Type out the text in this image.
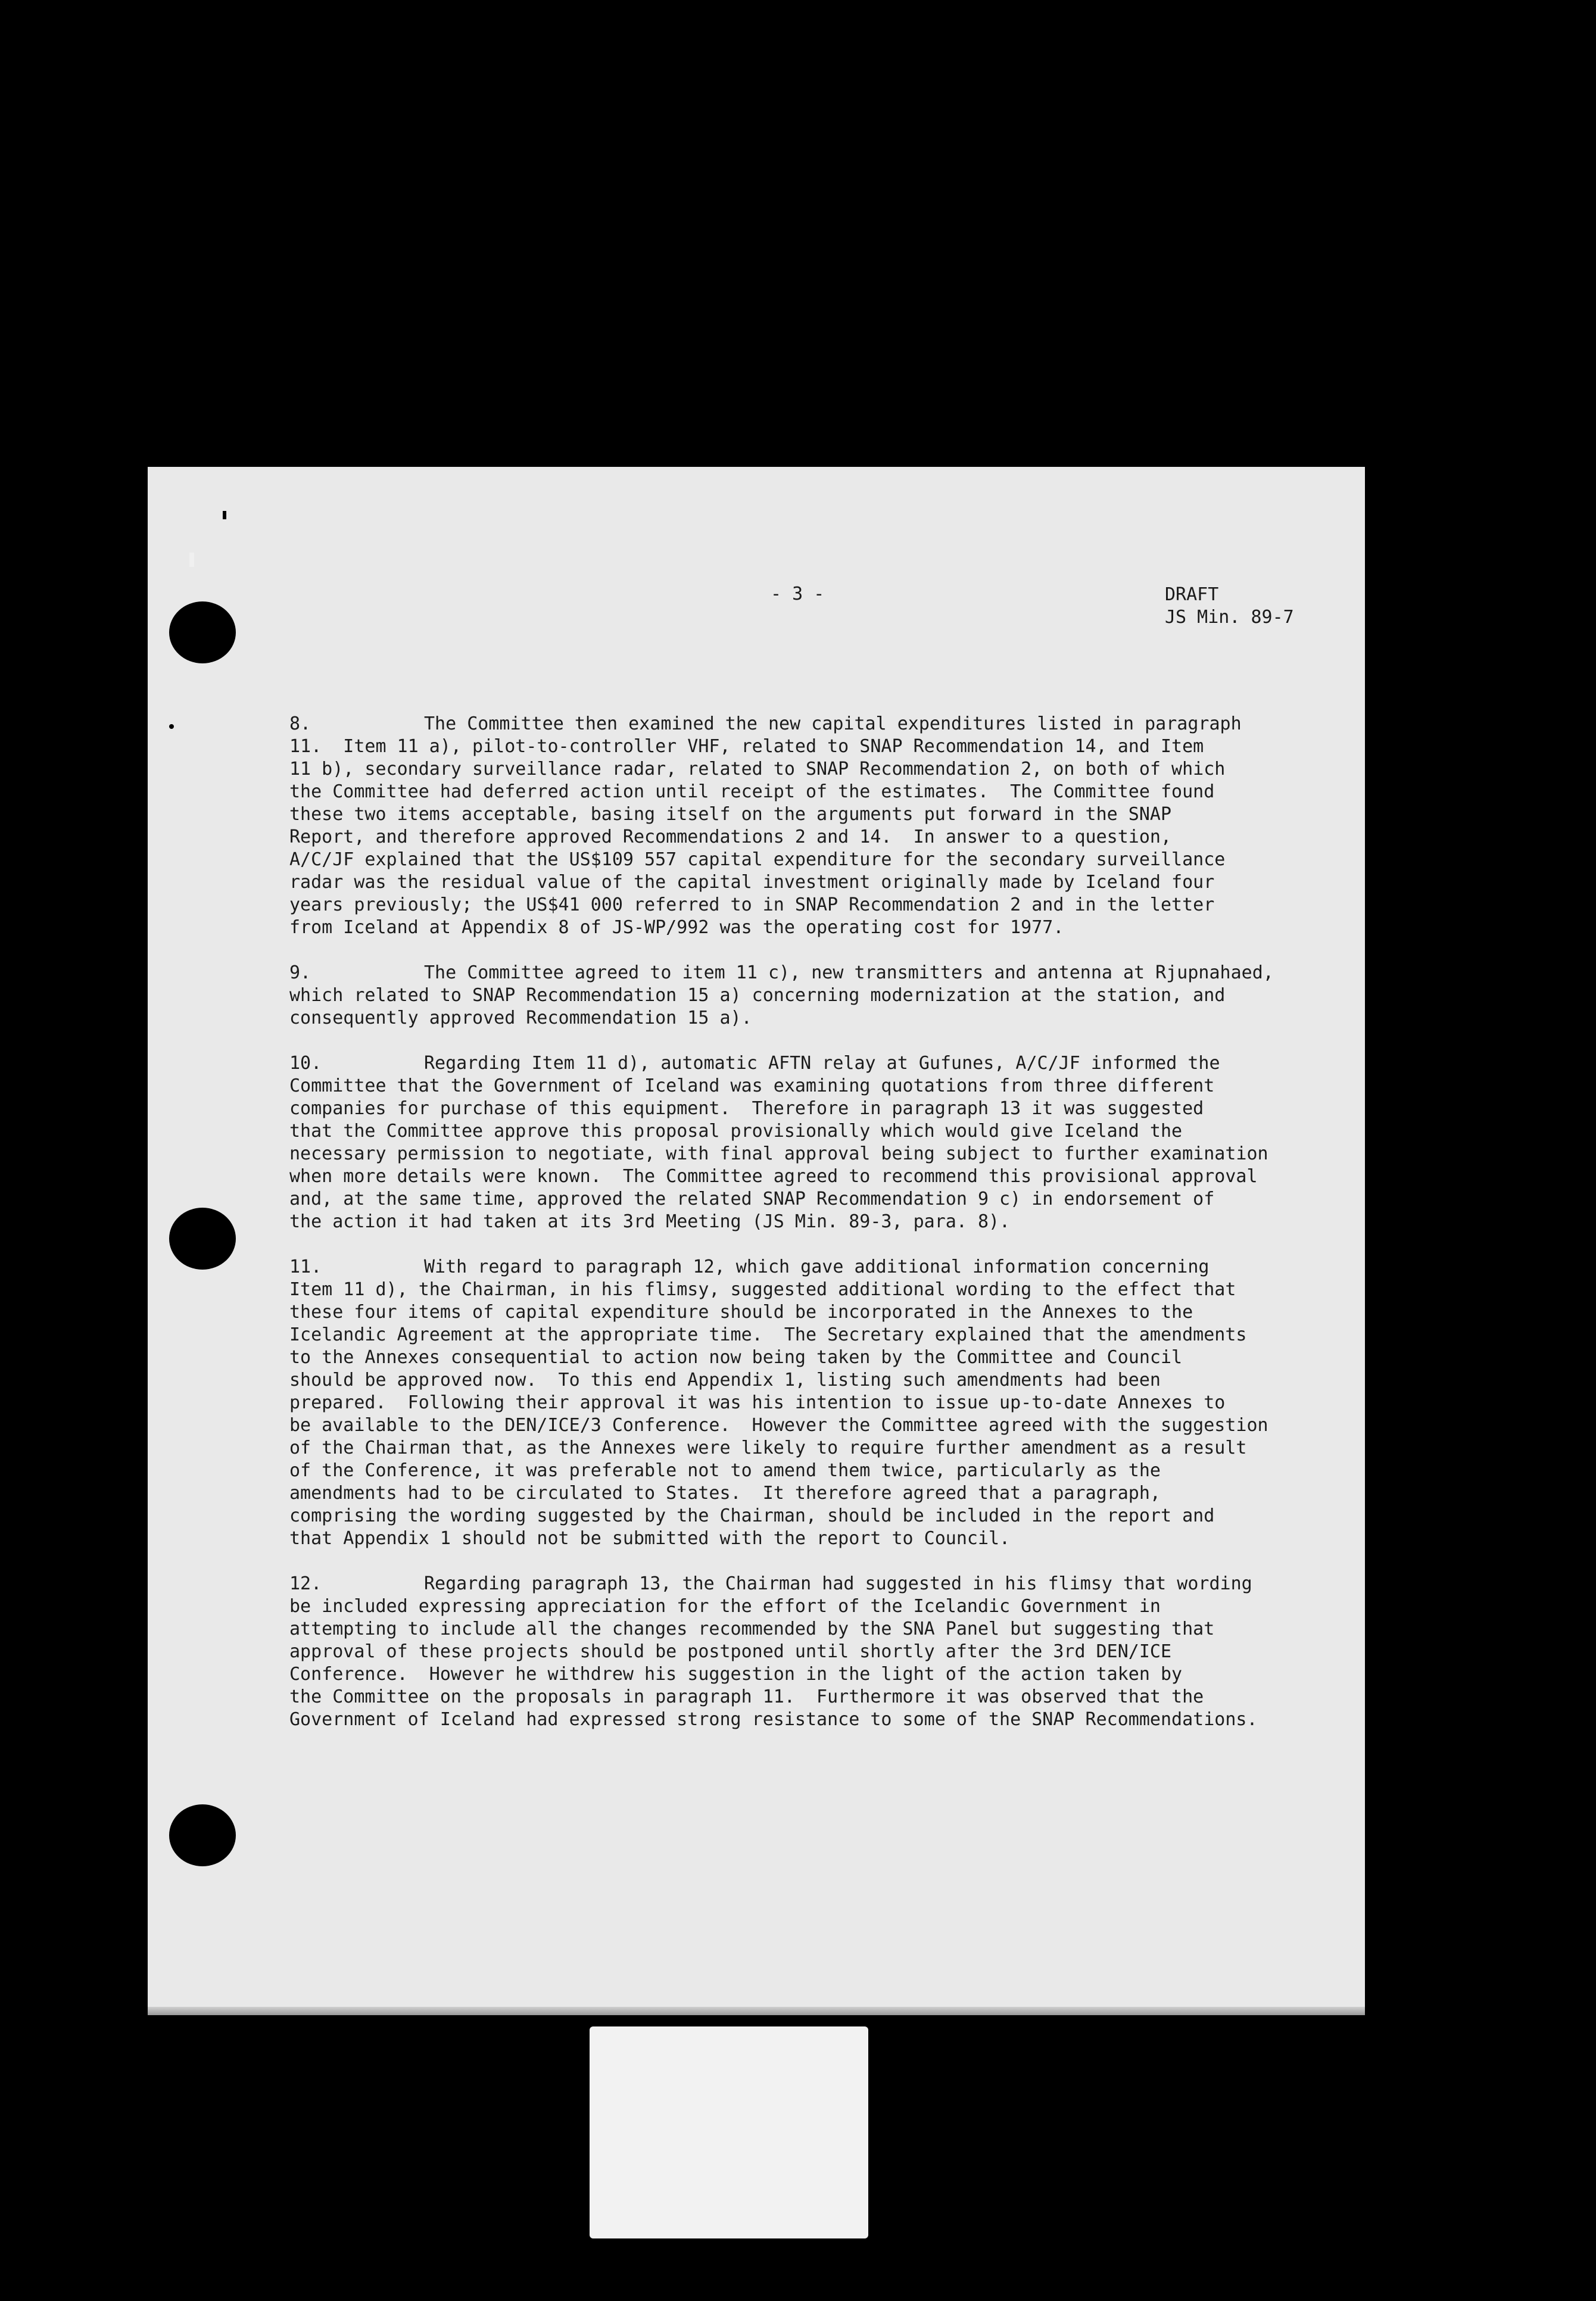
- 3 -	DRAFT
JS Min. 89-7
8.	The Committee then examined the new capital expenditures listed in paragraph
11.  Item 11 a), pilot-to-controller VHF, related to SNAP Recommendation 14, and Item
11 b), secondary surveillance radar, related to SNAP Recommendation 2, on both of which
the Committee had deferred action until receipt of the estimates.  The Committee found
these two items acceptable, basing itself on the arguments put forward in the SNAP
Report, and therefore approved Recommendations 2 and 14.  In answer to a question,
A/C/JF explained that the US$109 557 capital expenditure for the secondary surveillance
radar was the residual value of the capital investment originally made by Iceland four
years previously; the US$41 000 referred to in SNAP Recommendation 2 and in the letter
from Iceland at Appendix 8 of JS-WP/992 was the operating cost for 1977.
9.	The Committee agreed to item 11 c), new transmitters and antenna at Rjupnahaed,
which related to SNAP Recommendation 15 a) concerning modernization at the station, and
consequently approved Recommendation 15 a).
10.	Regarding Item 11 d), automatic AFTN relay at Gufunes, A/C/JF informed the
Committee that the Government of Iceland was examining quotations from three different
companies for purchase of this equipment.  Therefore in paragraph 13 it was suggested
that the Committee approve this proposal provisionally which would give Iceland the
necessary permission to negotiate, with final approval being subject to further examination
when more details were known.  The Committee agreed to recommend this provisional approval
and, at the same time, approved the related SNAP Recommendation 9 c) in endorsement of
the action it had taken at its 3rd Meeting (JS Min. 89-3, para. 8).
11.	With regard to paragraph 12, which gave additional information concerning
Item 11 d), the Chairman, in his flimsy, suggested additional wording to the effect that
these four items of capital expenditure should be incorporated in the Annexes to the
Icelandic Agreement at the appropriate time.  The Secretary explained that the amendments
to the Annexes consequential to action now being taken by the Committee and Council
should be approved now.  To this end Appendix 1, listing such amendments had been
prepared.  Following their approval it was his intention to issue up-to-date Annexes to
be available to the DEN/ICE/3 Conference.  However the Committee agreed with the suggestion
of the Chairman that, as the Annexes were likely to require further amendment as a result
of the Conference, it was preferable not to amend them twice, particularly as the
amendments had to be circulated to States.  It therefore agreed that a paragraph,
comprising the wording suggested by the Chairman, should be included in the report and
that Appendix 1 should not be submitted with the report to Council.
12.	Regarding paragraph 13, the Chairman had suggested in his flimsy that wording
be included expressing appreciation for the effort of the Icelandic Government in
attempting to include all the changes recommended by the SNA Panel but suggesting that
approval of these projects should be postponed until shortly after the 3rd DEN/ICE
Conference.  However he withdrew his suggestion in the light of the action taken by
the Committee on the proposals in paragraph 11.  Furthermore it was observed that the
Government of Iceland had expressed strong resistance to some of the SNAP Recommendations.
